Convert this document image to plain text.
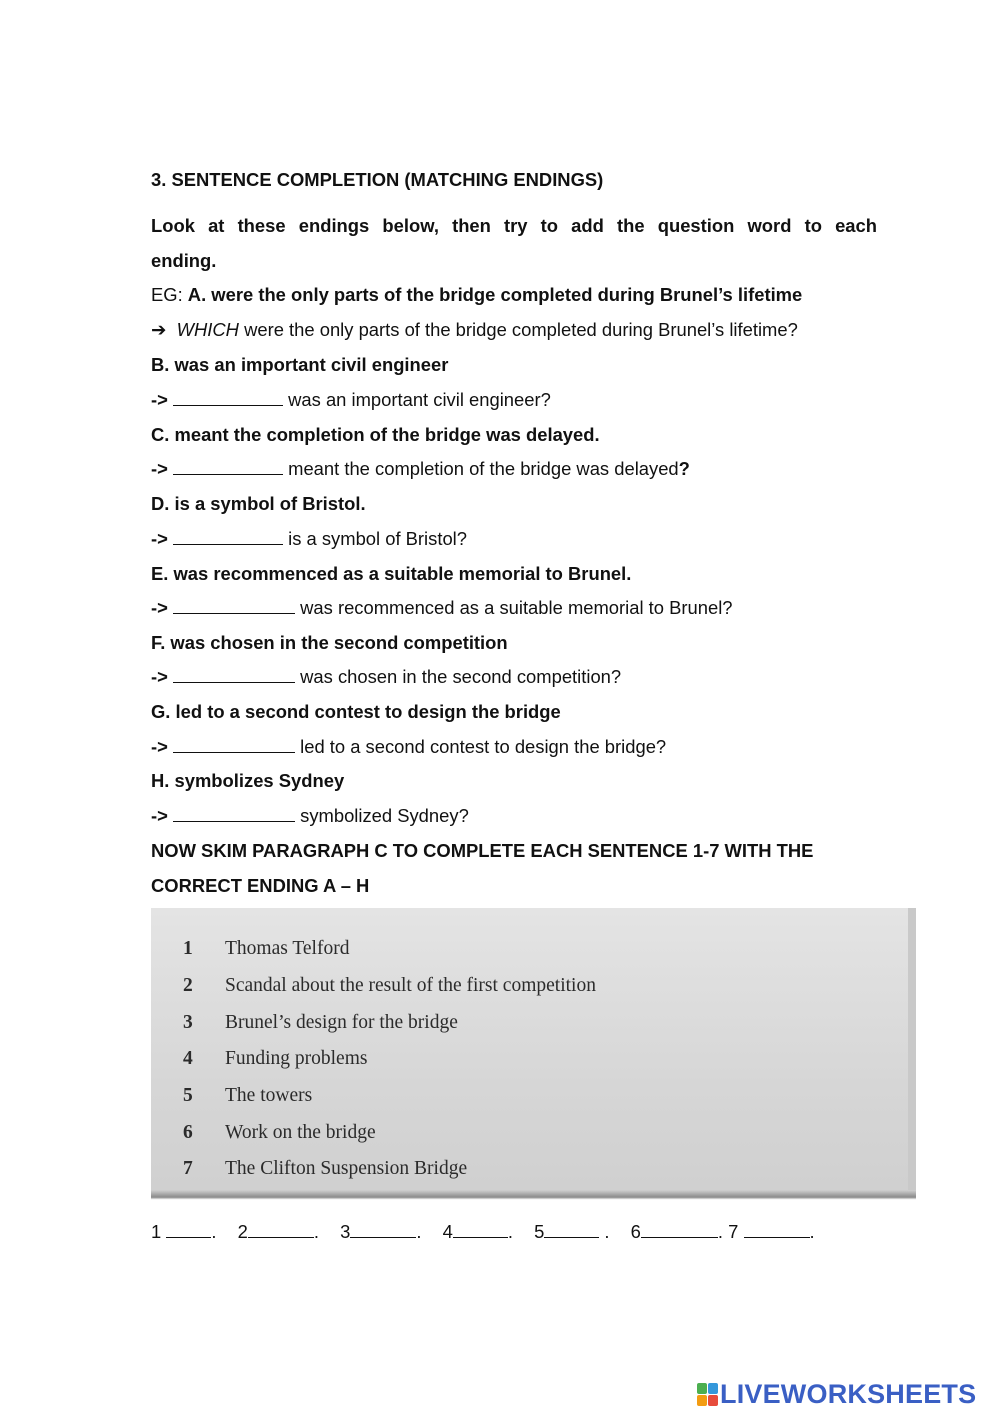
3. SENTENCE COMPLETION (MATCHING ENDINGS)
Look at these endings below, then try to add the question word to each
ending.
EG: A. were the only parts of the bridge completed during Brunel’s lifetime
➔ WHICH were the only parts of the bridge completed during Brunel’s lifetime?
B. was an important civil engineer
->	was an important civil engineer?
C. meant the completion of the bridge was delayed.
->	meant the completion of the bridge was delayed?
D. is a symbol of Bristol.
->	is a symbol of Bristol?
E. was recommenced as a suitable memorial to Brunel.
->	was recommenced as a suitable memorial to Brunel?
F. was chosen in the second competition
->	was chosen in the second competition?
G. led to a second contest to design the bridge
->	led to a second contest to design the bridge?
H. symbolizes Sydney
->	symbolized Sydney?
NOW SKIM PARAGRAPH C TO COMPLETE EACH SENTENCE 1-7 WITH THE
CORRECT ENDING A – H
1 Thomas Telford
2 Scandal about the result of the first competition
3 Brunel’s design for the bridge
4 Funding problems
5 The towers
6 Work on the bridge
7 The Clifton Suspension Bridge
1	. 2	. 3	. 4	. 5	. 6	. 7	.
LIVEWORKSHEETS
